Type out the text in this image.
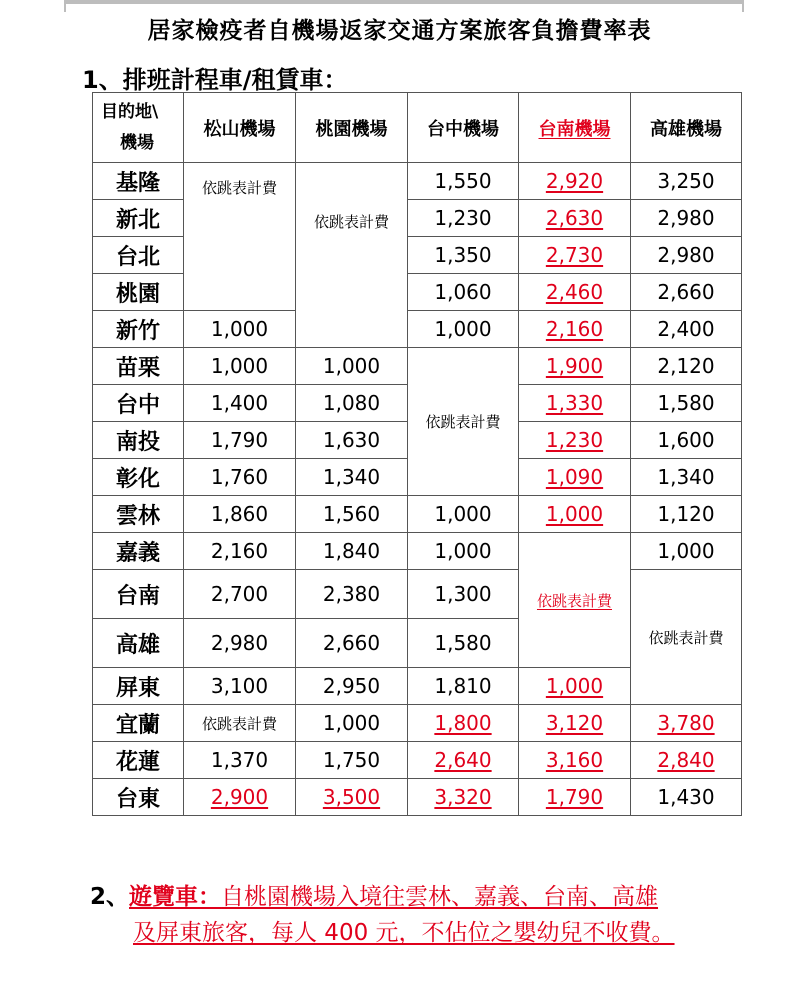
居家檢疫者自機場返家交通方案旅客負擔費率表
1、排班計程車/租賃車：
目的地\
機場	松山機場	桃園機場	台中機場	台南機場	高雄機場
基隆	依跳表計費	依跳表計費	1,550	2,920	3,250
新北			1,230	2,630	2,980
台北			1,350	2,730	2,980
桃園			1,060	2,460	2,660
新竹	1,000		1,000	2,160	2,400
苗栗	1,000	1,000	依跳表計費	1,900	2,120
台中	1,400	1,080		1,330	1,580
南投	1,790	1,630		1,230	1,600
彰化	1,760	1,340		1,090	1,340
雲林	1,860	1,560	1,000	1,000	1,120
嘉義	2,160	1,840	1,000	依跳表計費	1,000
台南	2,700	2,380	1,300		依跳表計費
高雄	2,980	2,660	1,580		
屏東	3,100	2,950	1,810	1,000	
宜蘭	依跳表計費	1,000	1,800	3,120	3,780
花蓮	1,370	1,750	2,640	3,160	2,840
台東	2,900	3,500	3,320	1,790	1,430
2、遊覽車：自桃園機場入境往雲林、嘉義、台南、高雄
及屏東旅客，每人 400 元，不佔位之嬰幼兒不收費。
